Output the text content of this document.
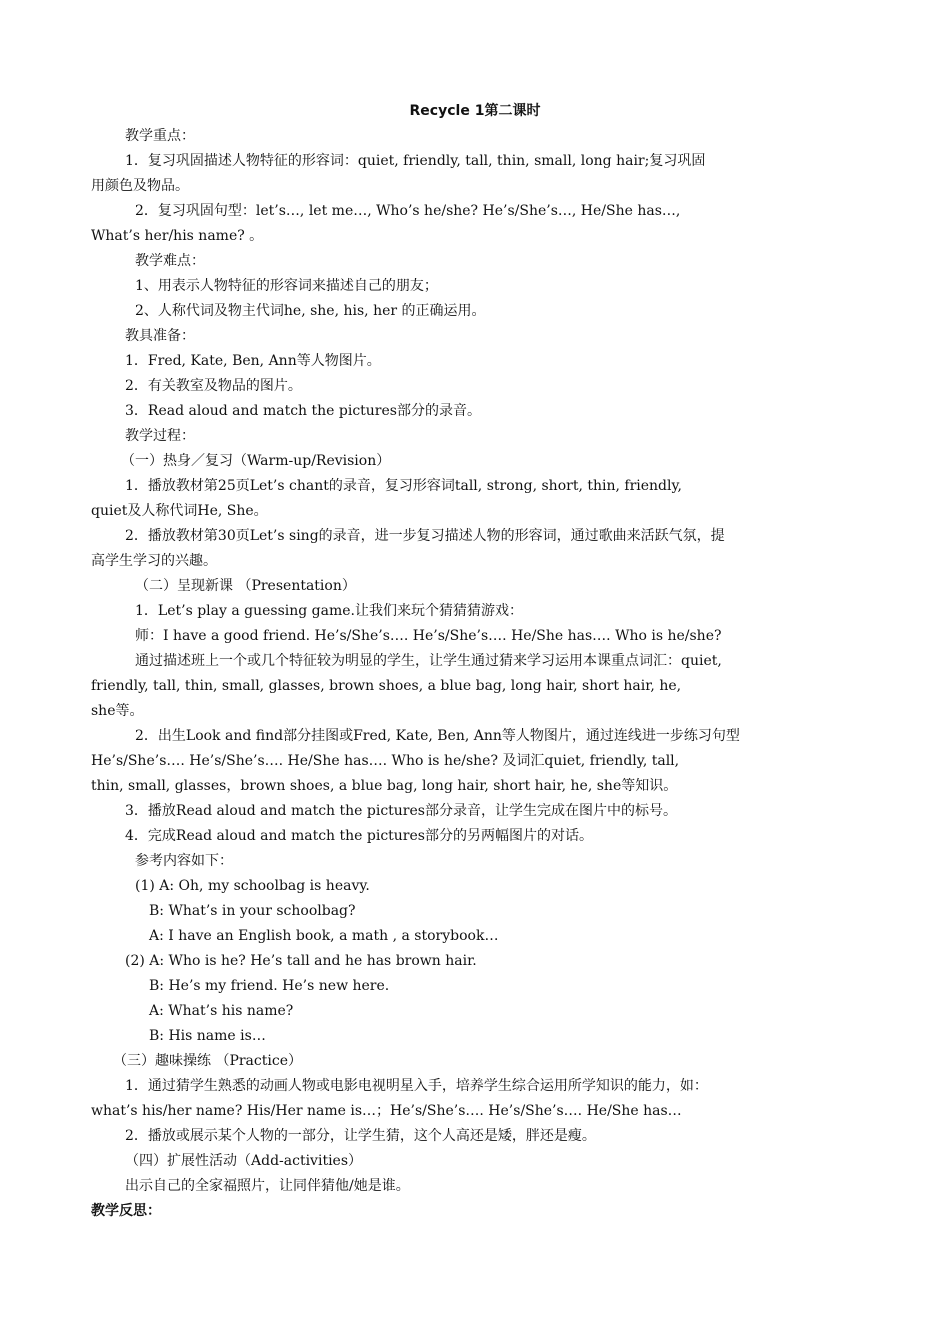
Recycle 1第二课时
教学重点：
1．复习巩固描述人物特征的形容词：quiet, friendly, tall, thin, small, long hair;复习巩固
用颜色及物品。
2．复习巩固句型：let’s…, let me…, Who’s he/she? He’s/She’s…, He/She has…,
What’s her/his name? 。
教学难点：
1、用表示人物特征的形容词来描述自己的朋友；
2、人称代词及物主代词he, she, his, her 的正确运用。
教具准备：
1．Fred, Kate, Ben, Ann等人物图片。
2．有关教室及物品的图片。
3．Read aloud and match the pictures部分的录音。
教学过程：
（一）热身／复习（Warm-up/Revision）
1．播放教材第25页Let’s chant的录音，复习形容词tall, strong, short, thin, friendly,
quiet及人称代词He, She。
2．播放教材第30页Let’s sing的录音，进一步复习描述人物的形容词，通过歌曲来活跃气氛，提
高学生学习的兴趣。
（二）呈现新课 （Presentation）
1．Let’s play a guessing game.让我们来玩个猜猜猜游戏：
师：I have a good friend. He’s/She’s…. He’s/She’s…. He/She has…. Who is he/she?
通过描述班上一个或几个特征较为明显的学生，让学生通过猜来学习运用本课重点词汇：quiet,
friendly, tall, thin, small, glasses, brown shoes, a blue bag, long hair, short hair, he,
she等。
2．出生Look and find部分挂图或Fred, Kate, Ben, Ann等人物图片，通过连线进一步练习句型
He’s/She’s…. He’s/She’s…. He/She has…. Who is he/she? 及词汇quiet, friendly, tall,
thin, small, glasses，brown shoes, a blue bag, long hair, short hair, he, she等知识。
3．播放Read aloud and match the pictures部分录音，让学生完成在图片中的标号。
4．完成Read aloud and match the pictures部分的另两幅图片的对话。
参考内容如下：
(1) A: Oh, my schoolbag is heavy.
B: What’s in your schoolbag?
A: I have an English book, a math , a storybook…
(2) A: Who is he? He’s tall and he has brown hair.
B: He’s my friend. He’s new here.
A: What’s his name?
B: His name is…
（三）趣味操练 （Practice）
1．通过猜学生熟悉的动画人物或电影电视明星入手，培养学生综合运用所学知识的能力，如：
what’s his/her name? His/Her name is…；He’s/She’s…. He’s/She’s…. He/She has…
2．播放或展示某个人物的一部分，让学生猜，这个人高还是矮，胖还是瘦。
（四）扩展性活动（Add-activities）
出示自己的全家福照片，让同伴猜他/她是谁。
教学反思：
